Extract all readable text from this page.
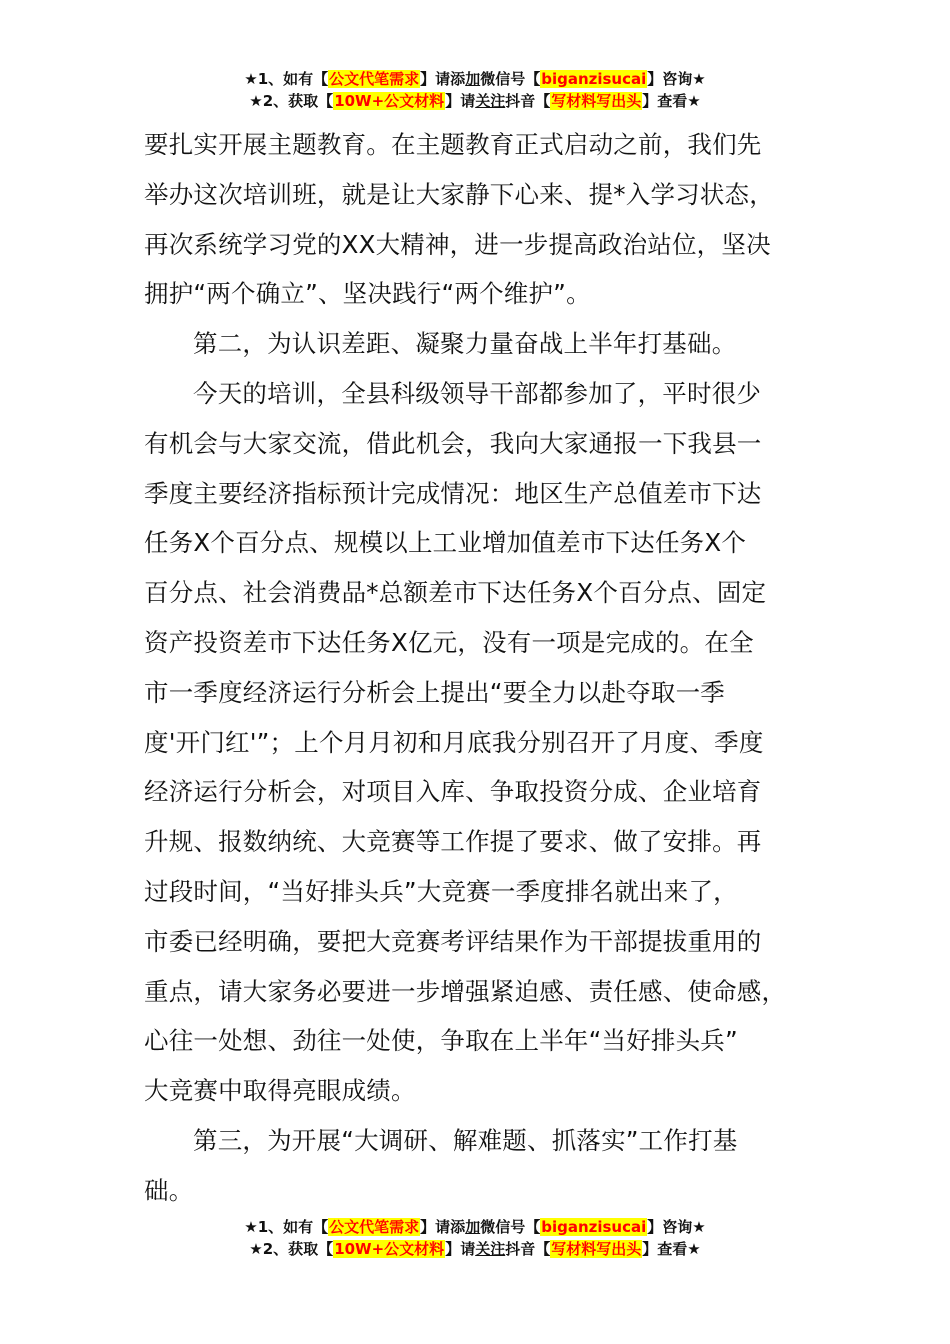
★1、如有【公文代笔需求】请添加微信号【biganzisucai】咨询★
★2、获取【10W+公文材料】请关注抖音【写材料写出头】查看★
要扎实开展主题教育。在主题教育正式启动之前，我们先
举办这次培训班，就是让大家静下心来、提*入学习状态，
再次系统学习党的XX大精神，进一步提高政治站位，坚决
拥护“两个确立”、坚决践行“两个维护”。
第二，为认识差距、凝聚力量奋战上半年打基础。
今天的培训，全县科级领导干部都参加了，平时很少
有机会与大家交流，借此机会，我向大家通报一下我县一
季度主要经济指标预计完成情况：地区生产总值差市下达
任务X个百分点、规模以上工业增加值差市下达任务X个
百分点、社会消费品*总额差市下达任务X个百分点、固定
资产投资差市下达任务X亿元，没有一项是完成的。在全
市一季度经济运行分析会上提出“要全力以赴夺取一季
度'开门红'”；上个月月初和月底我分别召开了月度、季度
经济运行分析会，对项目入库、争取投资分成、企业培育
升规、报数纳统、大竞赛等工作提了要求、做了安排。再
过段时间，“当好排头兵”大竞赛一季度排名就出来了，
市委已经明确，要把大竞赛考评结果作为干部提拔重用的
重点，请大家务必要进一步增强紧迫感、责任感、使命感，
心往一处想、劲往一处使，争取在上半年“当好排头兵”
大竞赛中取得亮眼成绩。
第三，为开展“大调研、解难题、抓落实”工作打基
础。
★1、如有【公文代笔需求】请添加微信号【biganzisucai】咨询★
★2、获取【10W+公文材料】请关注抖音【写材料写出头】查看★
